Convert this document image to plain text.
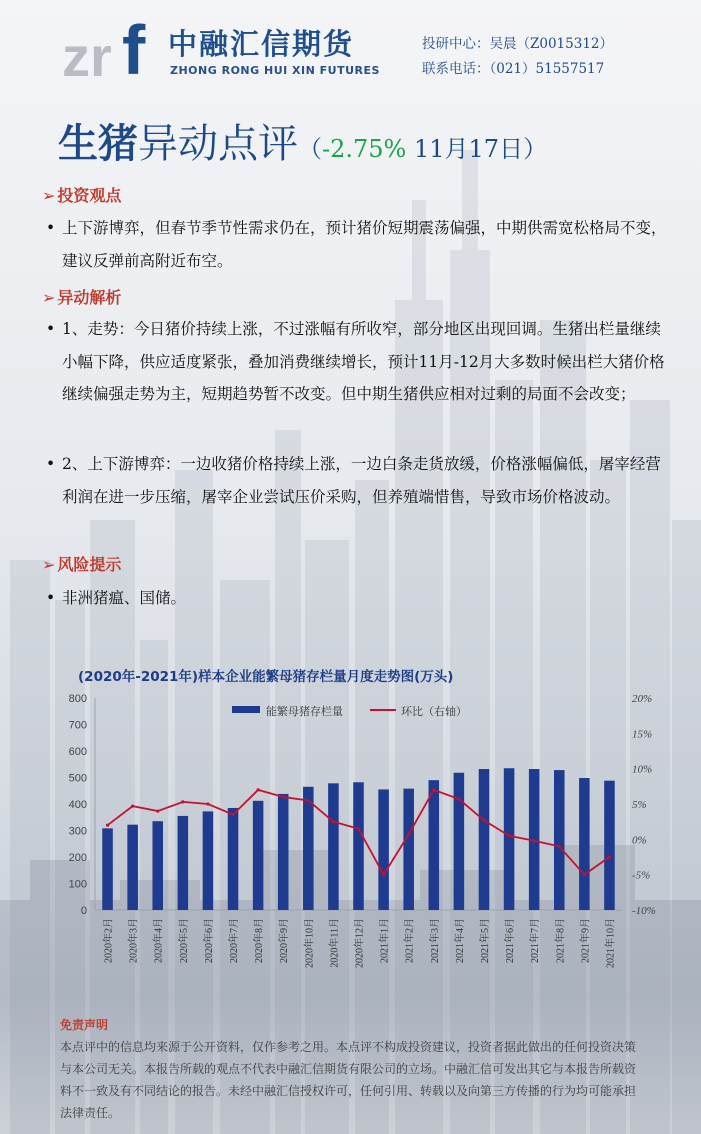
zr f 中融汇信期货
ZHONG RONG HUI XIN FUTURES
投研中心：吴晨（Z0015312）
联系电话：（021）51557517
生猪异动点评（-2.75% 11月17日）
➢ 投资观点
• 上下游博弈，但春节季节性需求仍在，预计猪价短期震荡偏强，中期供需宽松格局不变，建议反弹前高附近布空。
➢ 异动解析
• 1、走势：今日猪价持续上涨，不过涨幅有所收窄，部分地区出现回调。生猪出栏量继续小幅下降，供应适度紧张，叠加消费继续增长，预计11月-12月大多数时候出栏大猪价格继续偏强走势为主，短期趋势暂不改变。但中期生猪供应相对过剩的局面不会改变；
• 2、上下游博弈：一边收猪价格持续上涨，一边白条走货放缓，价格涨幅偏低，屠宰经营利润在进一步压缩，屠宰企业尝试压价采购，但养殖端惜售，导致市场价格波动。
➢ 风险提示
• 非洲猪瘟、国储。
(2020年-2021年)样本企业能繁母猪存栏量月度走势图(万头)
0
100
200
300
400
500
600
700
800
-10%
-5%
0%
5%
10%
15%
20%
2020年2月 2020年3月 2020年4月 2020年5月 2020年6月 2020年7月 2020年8月 2020年9月 2020年10月 2020年11月 2020年12月 2021年1月 2021年2月 2021年3月 2021年4月 2021年5月 2021年6月 2021年7月 2021年8月 2021年9月 2021年10月
能繁母猪存栏量	环比（右轴）
免责声明
本点评中的信息均来源于公开资料，仅作参考之用。本点评不构成投资建议，投资者据此做出的任何投资决策与本公司无关。本报告所载的观点不代表中融汇信期货有限公司的立场。中融汇信可发出其它与本报告所载资料不一致及有不同结论的报告。未经中融汇信授权许可，任何引用、转载以及向第三方传播的行为均可能承担法律责任。
